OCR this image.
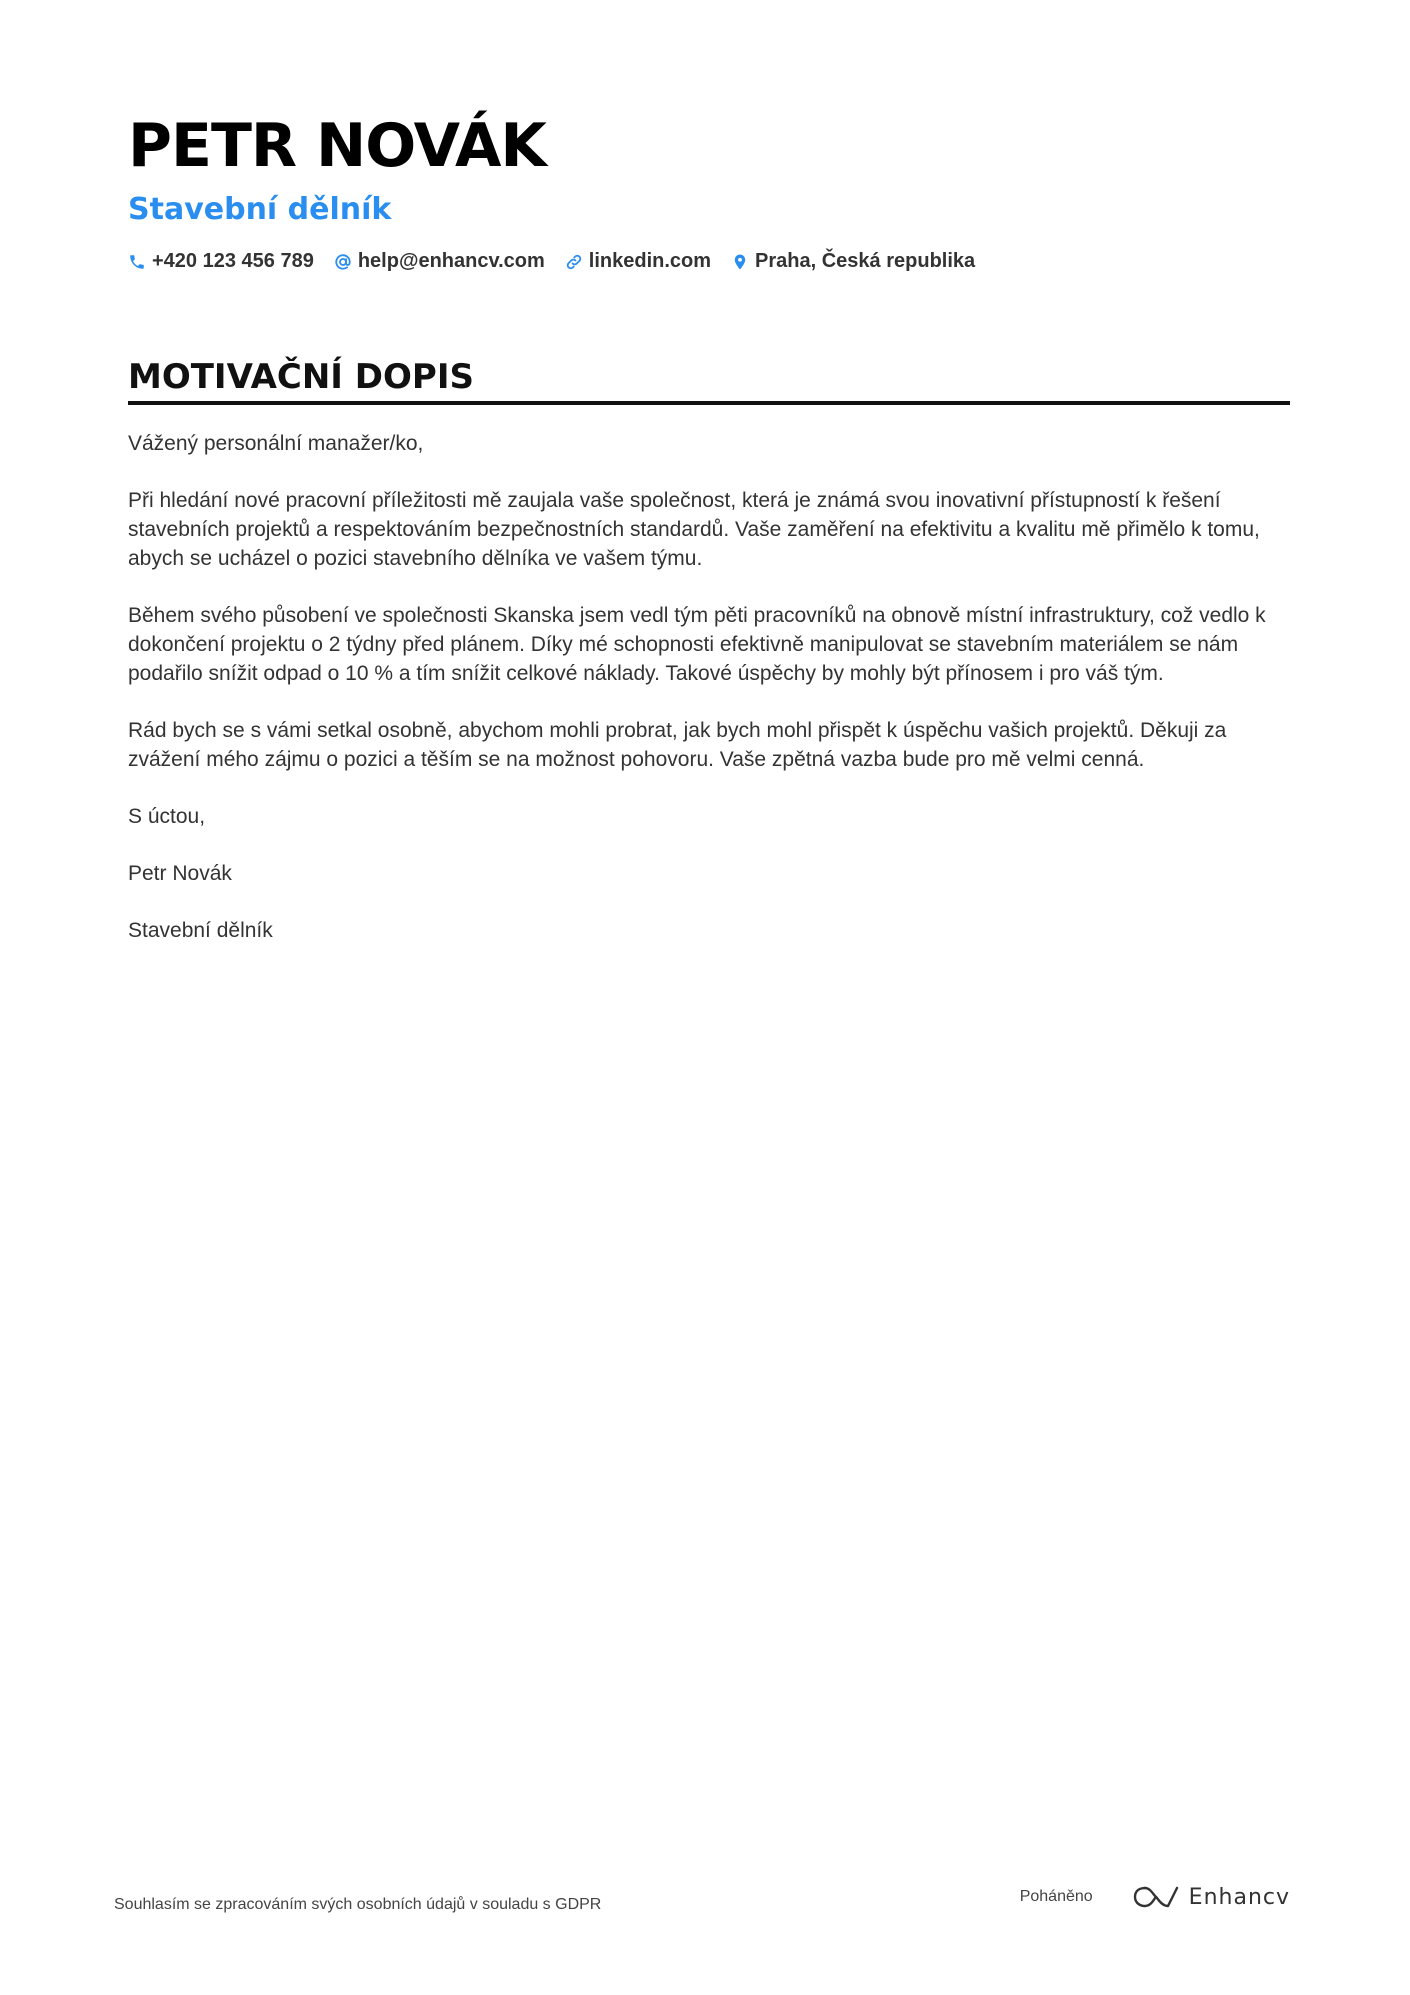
PETR NOVÁK
Stavební dělník
+420 123 456 789 help@enhancv.com linkedin.com Praha, Česká republika
MOTIVAČNÍ DOPIS

Vážený personální manažer/ko,

Při hledání nové pracovní příležitosti mě zaujala vaše společnost, která je známá svou inovativní přístupností k řešení stavebních projektů a respektováním bezpečnostních standardů. Vaše zaměření na efektivitu a kvalitu mě přimělo k tomu, abych se ucházel o pozici stavebního dělníka ve vašem týmu.

Během svého působení ve společnosti Skanska jsem vedl tým pěti pracovníků na obnově místní infrastruktury, což vedlo k dokončení projektu o 2 týdny před plánem. Díky mé schopnosti efektivně manipulovat se stavebním materiálem se nám podařilo snížit odpad o 10 % a tím snížit celkové náklady. Takové úspěchy by mohly být přínosem i pro váš tým.

Rád bych se s vámi setkal osobně, abychom mohli probrat, jak bych mohl přispět k úspěchu vašich projektů. Děkuji za zvážení mého zájmu o pozici a těším se na možnost pohovoru. Vaše zpětná vazba bude pro mě velmi cenná.

S úctou,

Petr Novák

Stavební dělník

Souhlasím se zpracováním svých osobních údajů v souladu s GDPR	Poháněno	Enhancv
